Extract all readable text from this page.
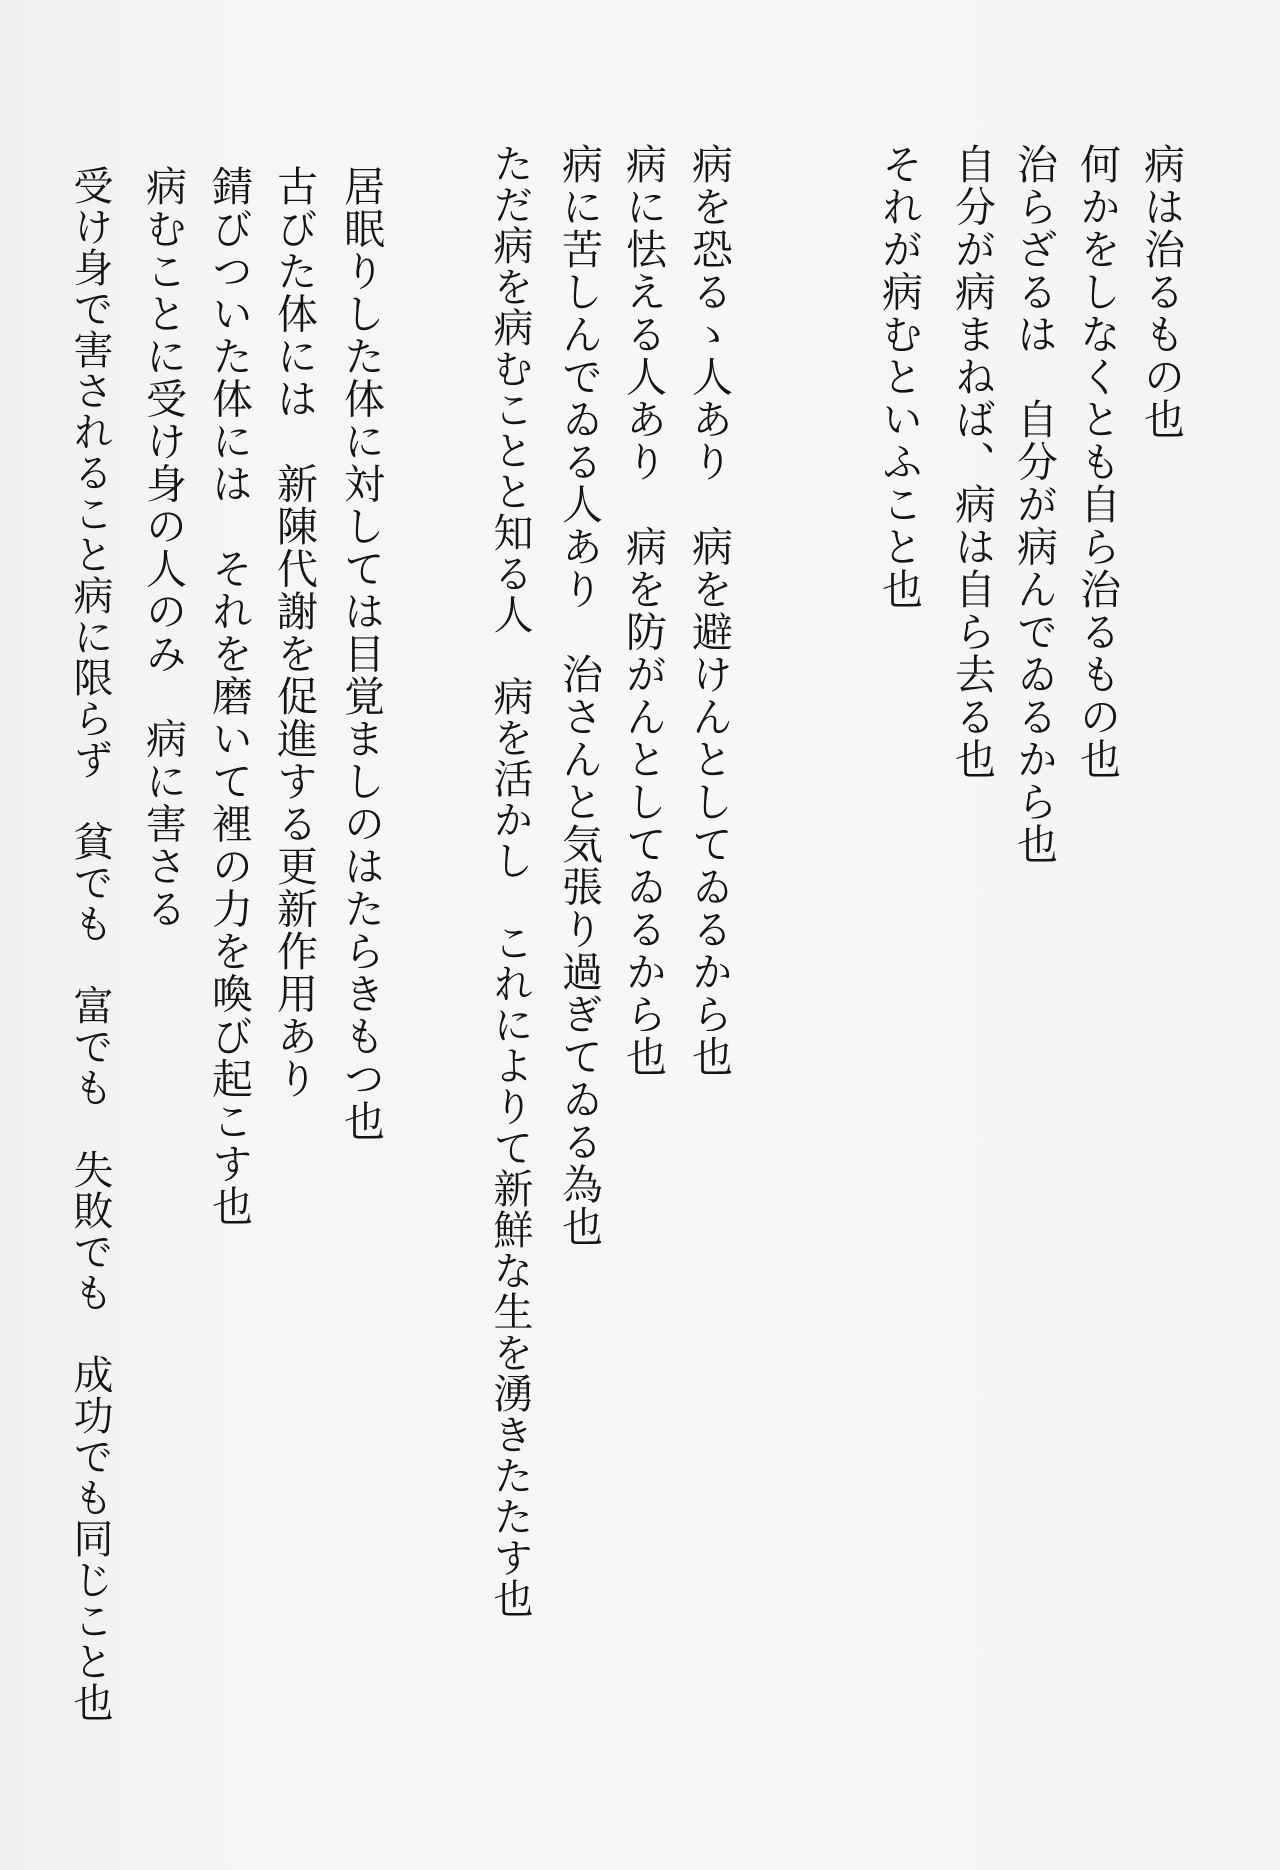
病は治るもの也

何かをしなくとも自ら治るもの也

治らざるは　自分が病んでゐるから也

自分が病まねば、病は自ら去る也

それが病むといふこと也

病を恐るゝ人あり　病を避けんとしてゐるから也

病に怯える人あり　病を防がんとしてゐるから也

病に苦しんでゐる人あり　治さんと気張り過ぎてゐる為也

ただ病を病むことと知る人　病を活かし　これによりて新鮮な生を湧きたたす也

居眠りした体に対しては目覚ましのはたらきもつ也

古びた体には　新陳代謝を促進する更新作用あり

錆びついた体には　それを磨いて裡の力を喚び起こす也

病むことに受け身の人のみ　病に害さる

受け身で害されること病に限らず　貧でも　富でも　失敗でも　成功でも同じこと也
